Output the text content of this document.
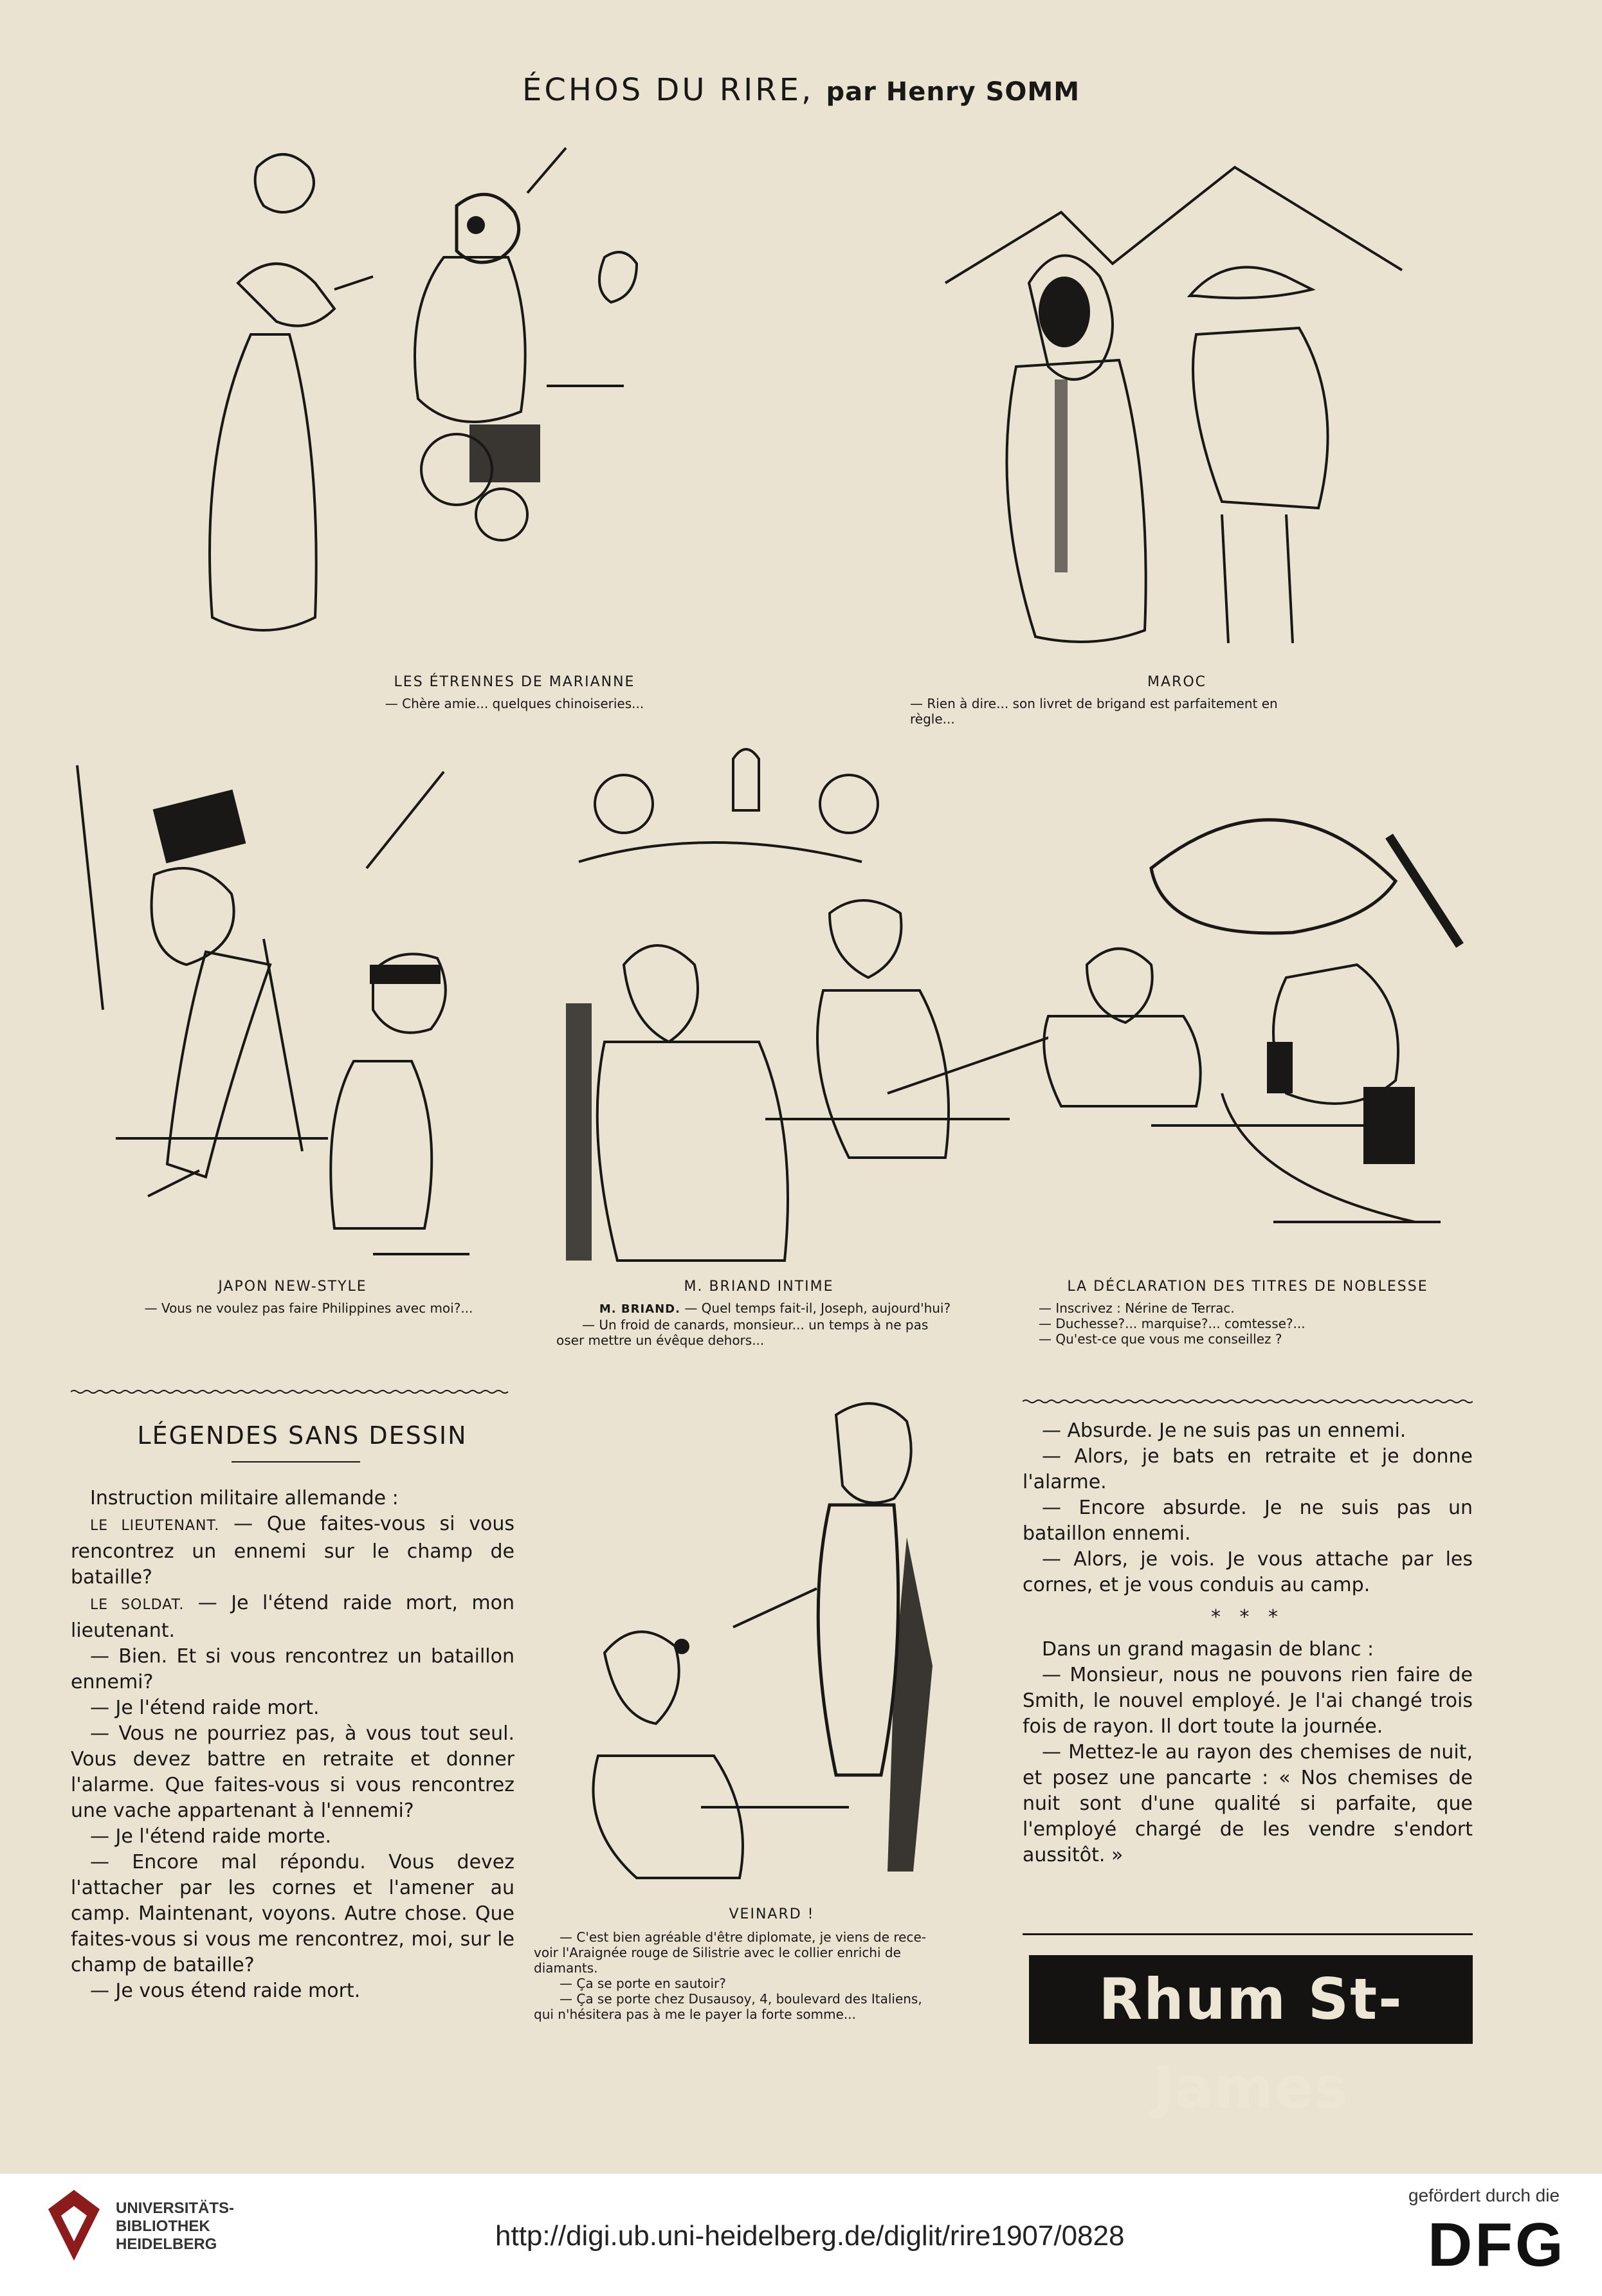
ÉCHOS DU RIRE, par Henry SOMM
LES ÉTRENNES DE MARIANNE
— Chère amie... quelques chinoiseries...
MAROC
— Rien à dire... son livret de brigand est parfaitement en
règle...
JAPON NEW-STYLE
— Vous ne voulez pas faire Philippines avec moi?...
M. BRIAND INTIME
M. BRIAND. — Quel temps fait-il, Joseph, aujourd'hui?
— Un froid de canards, monsieur... un temps à ne pas
oser mettre un évêque dehors...
LA DÉCLARATION DES TITRES DE NOBLESSE
— Inscrivez : Nérine de Terrac.
— Duchesse?... marquise?... comtesse?...
— Qu'est-ce que vous me conseillez ?
LÉGENDES SANS DESSIN

Instruction militaire allemande :

LE LIEUTENANT. — Que faites-vous si vous rencontrez un ennemi sur le champ de bataille?

LE SOLDAT. — Je l'étend raide mort, mon lieutenant.

— Bien. Et si vous rencontrez un bataillon ennemi?

— Je l'étend raide mort.

— Vous ne pourriez pas, à vous tout seul. Vous devez battre en retraite et donner l'alarme. Que faites-vous si vous rencontrez une vache appartenant à l'ennemi?

— Je l'étend raide morte.

— Encore mal répondu. Vous devez l'attacher par les cornes et l'amener au camp. Maintenant, voyons. Autre chose. Que faites-vous si vous me rencontrez, moi, sur le champ de bataille?

— Je vous étend raide mort.

VEINARD !
— C'est bien agréable d'être diplomate, je viens de rece-
voir l'Araignée rouge de Silistrie avec le collier enrichi de
diamants.
— Ça se porte en sautoir?
— Ça se porte chez Dusausoy, 4, boulevard des Italiens,
qui n'hésitera pas à me le payer la forte somme...

— Absurde. Je ne suis pas un ennemi.

— Alors, je bats en retraite et je donne l'alarme.

— Encore absurde. Je ne suis pas un bataillon ennemi.

— Alors, je vois. Je vous attache par les cornes, et je vous conduis au camp.

* * *

Dans un grand magasin de blanc :

— Monsieur, nous ne pouvons rien faire de Smith, le nouvel employé. Je l'ai changé trois fois de rayon. Il dort toute la journée.

— Mettez-le au rayon des chemises de nuit, et posez une pancarte : « Nos chemises de nuit sont d'une qualité si parfaite, que l'employé chargé de les vendre s'endort aussitôt. »

Rhum St-James
UNIVERSITÄTS-
BIBLIOTHEK
HEIDELBERG	http://digi.ub.uni-heidelberg.de/diglit/rire1907/0828
gefördert durch die
DFG
